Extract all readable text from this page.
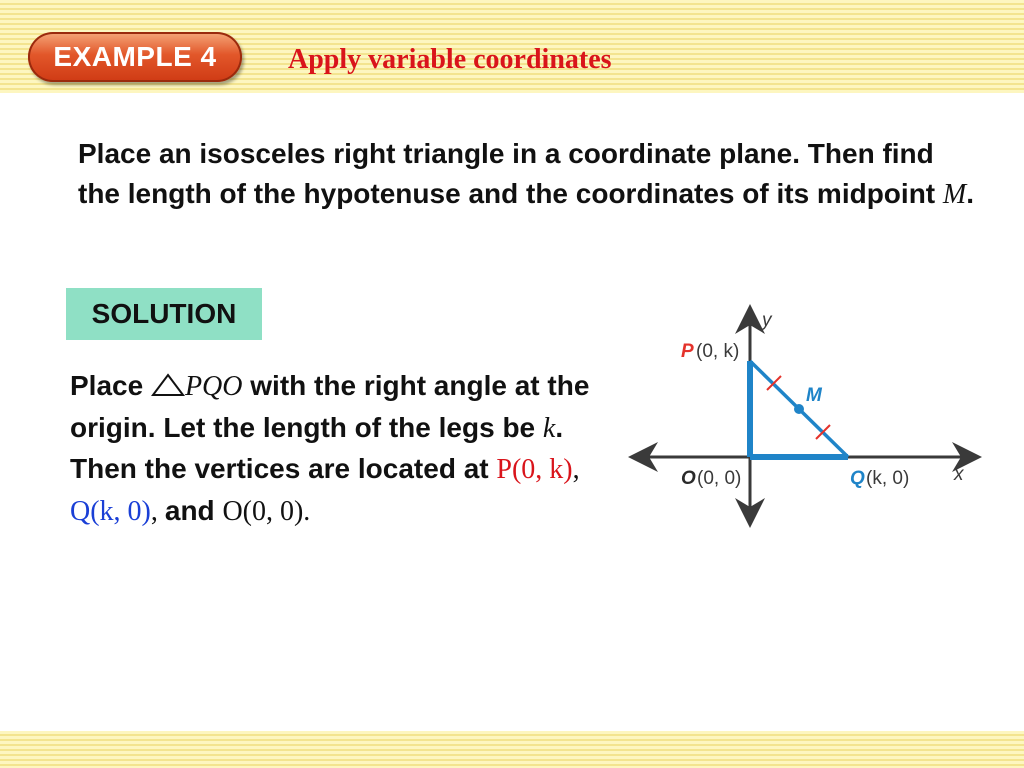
EXAMPLE 4	Apply variable coordinates
Place an isosceles right triangle in a coordinate plane. Then find the length of the hypotenuse and the coordinates of its midpoint M.
SOLUTION
Place PQO with the right angle at the origin. Let the length of the legs be k. Then the vertices are located at P(0, k), Q(k, 0), and O(0, 0).
y
x
P (0, k)
O (0, 0)	Q (k, 0)
M
